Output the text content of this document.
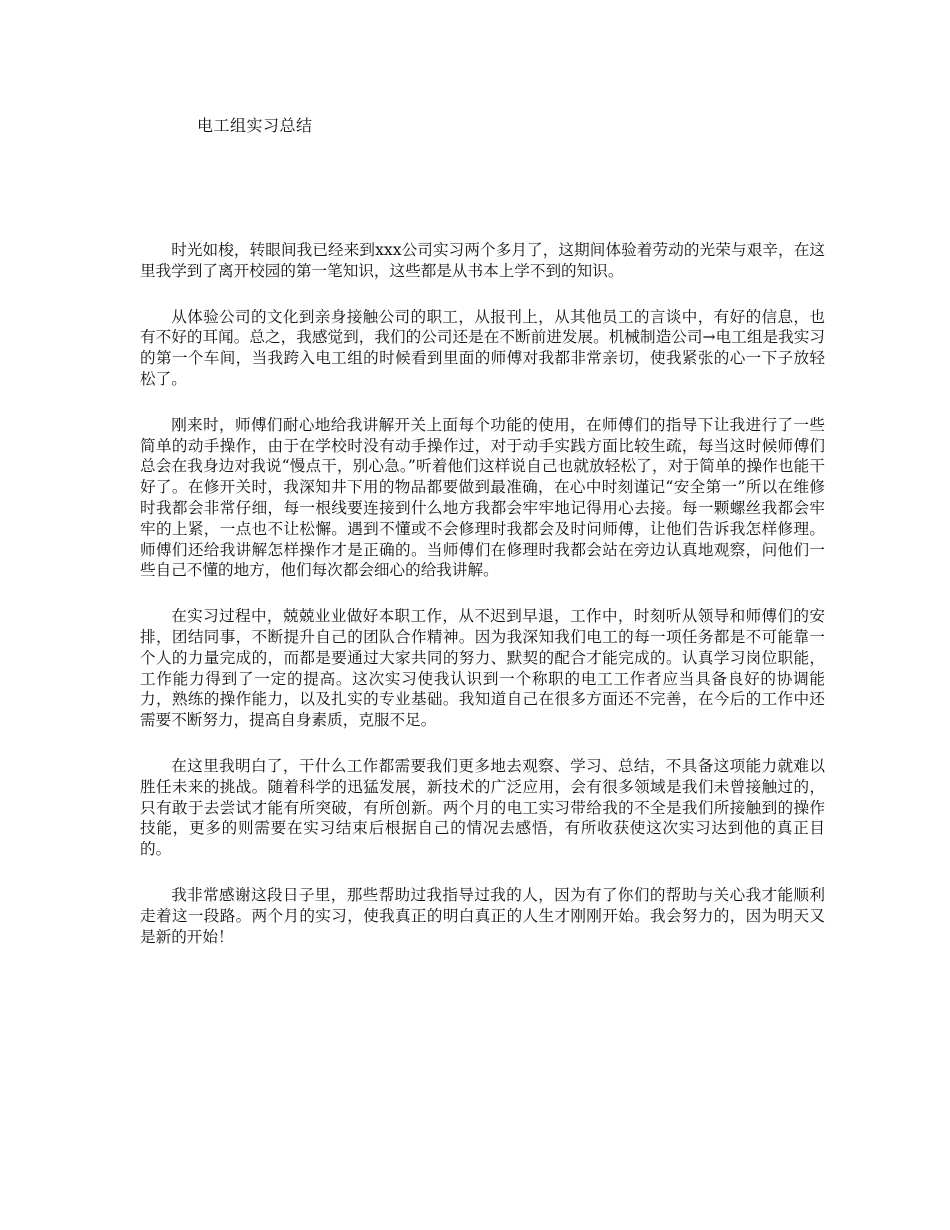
电工组实习总结

时光如梭，转眼间我已经来到xxx公司实习两个多月了，这期间体验着劳动的光荣与艰辛，在这里我学到了离开校园的第一笔知识，这些都是从书本上学不到的知识。

从体验公司的文化到亲身接触公司的职工，从报刊上，从其他员工的言谈中，有好的信息，也有不好的耳闻。总之，我感觉到，我们的公司还是在不断前进发展。机械制造公司→电工组是我实习的第一个车间，当我跨入电工组的时候看到里面的师傅对我都非常亲切，使我紧张的心一下子放轻松了。

刚来时，师傅们耐心地给我讲解开关上面每个功能的使用，在师傅们的指导下让我进行了一些简单的动手操作，由于在学校时没有动手操作过，对于动手实践方面比较生疏，每当这时候师傅们总会在我身边对我说“慢点干，别心急。”听着他们这样说自己也就放轻松了，对于简单的操作也能干好了。在修开关时，我深知井下用的物品都要做到最准确，在心中时刻谨记“安全第一”所以在维修时我都会非常仔细，每一根线要连接到什么地方我都会牢牢地记得用心去接。每一颗螺丝我都会牢牢的上紧，一点也不让松懈。遇到不懂或不会修理时我都会及时问师傅，让他们告诉我怎样修理。师傅们还给我讲解怎样操作才是正确的。当师傅们在修理时我都会站在旁边认真地观察，问他们一些自己不懂的地方，他们每次都会细心的给我讲解。

在实习过程中，兢兢业业做好本职工作，从不迟到早退，工作中，时刻听从领导和师傅们的安排，团结同事，不断提升自己的团队合作精神。因为我深知我们电工的每一项任务都是不可能靠一个人的力量完成的，而都是要通过大家共同的努力、默契的配合才能完成的。认真学习岗位职能，工作能力得到了一定的提高。这次实习使我认识到一个称职的电工工作者应当具备良好的协调能力，熟练的操作能力，以及扎实的专业基础。我知道自己在很多方面还不完善，在今后的工作中还需要不断努力，提高自身素质，克服不足。

在这里我明白了，干什么工作都需要我们更多地去观察、学习、总结，不具备这项能力就难以胜任未来的挑战。随着科学的迅猛发展，新技术的广泛应用，会有很多领域是我们未曾接触过的，只有敢于去尝试才能有所突破，有所创新。两个月的电工实习带给我的不全是我们所接触到的操作技能，更多的则需要在实习结束后根据自己的情况去感悟，有所收获使这次实习达到他的真正目的。

我非常感谢这段日子里，那些帮助过我指导过我的人，因为有了你们的帮助与关心我才能顺利走着这一段路。两个月的实习，使我真正的明白真正的人生才刚刚开始。我会努力的，因为明天又是新的开始！
